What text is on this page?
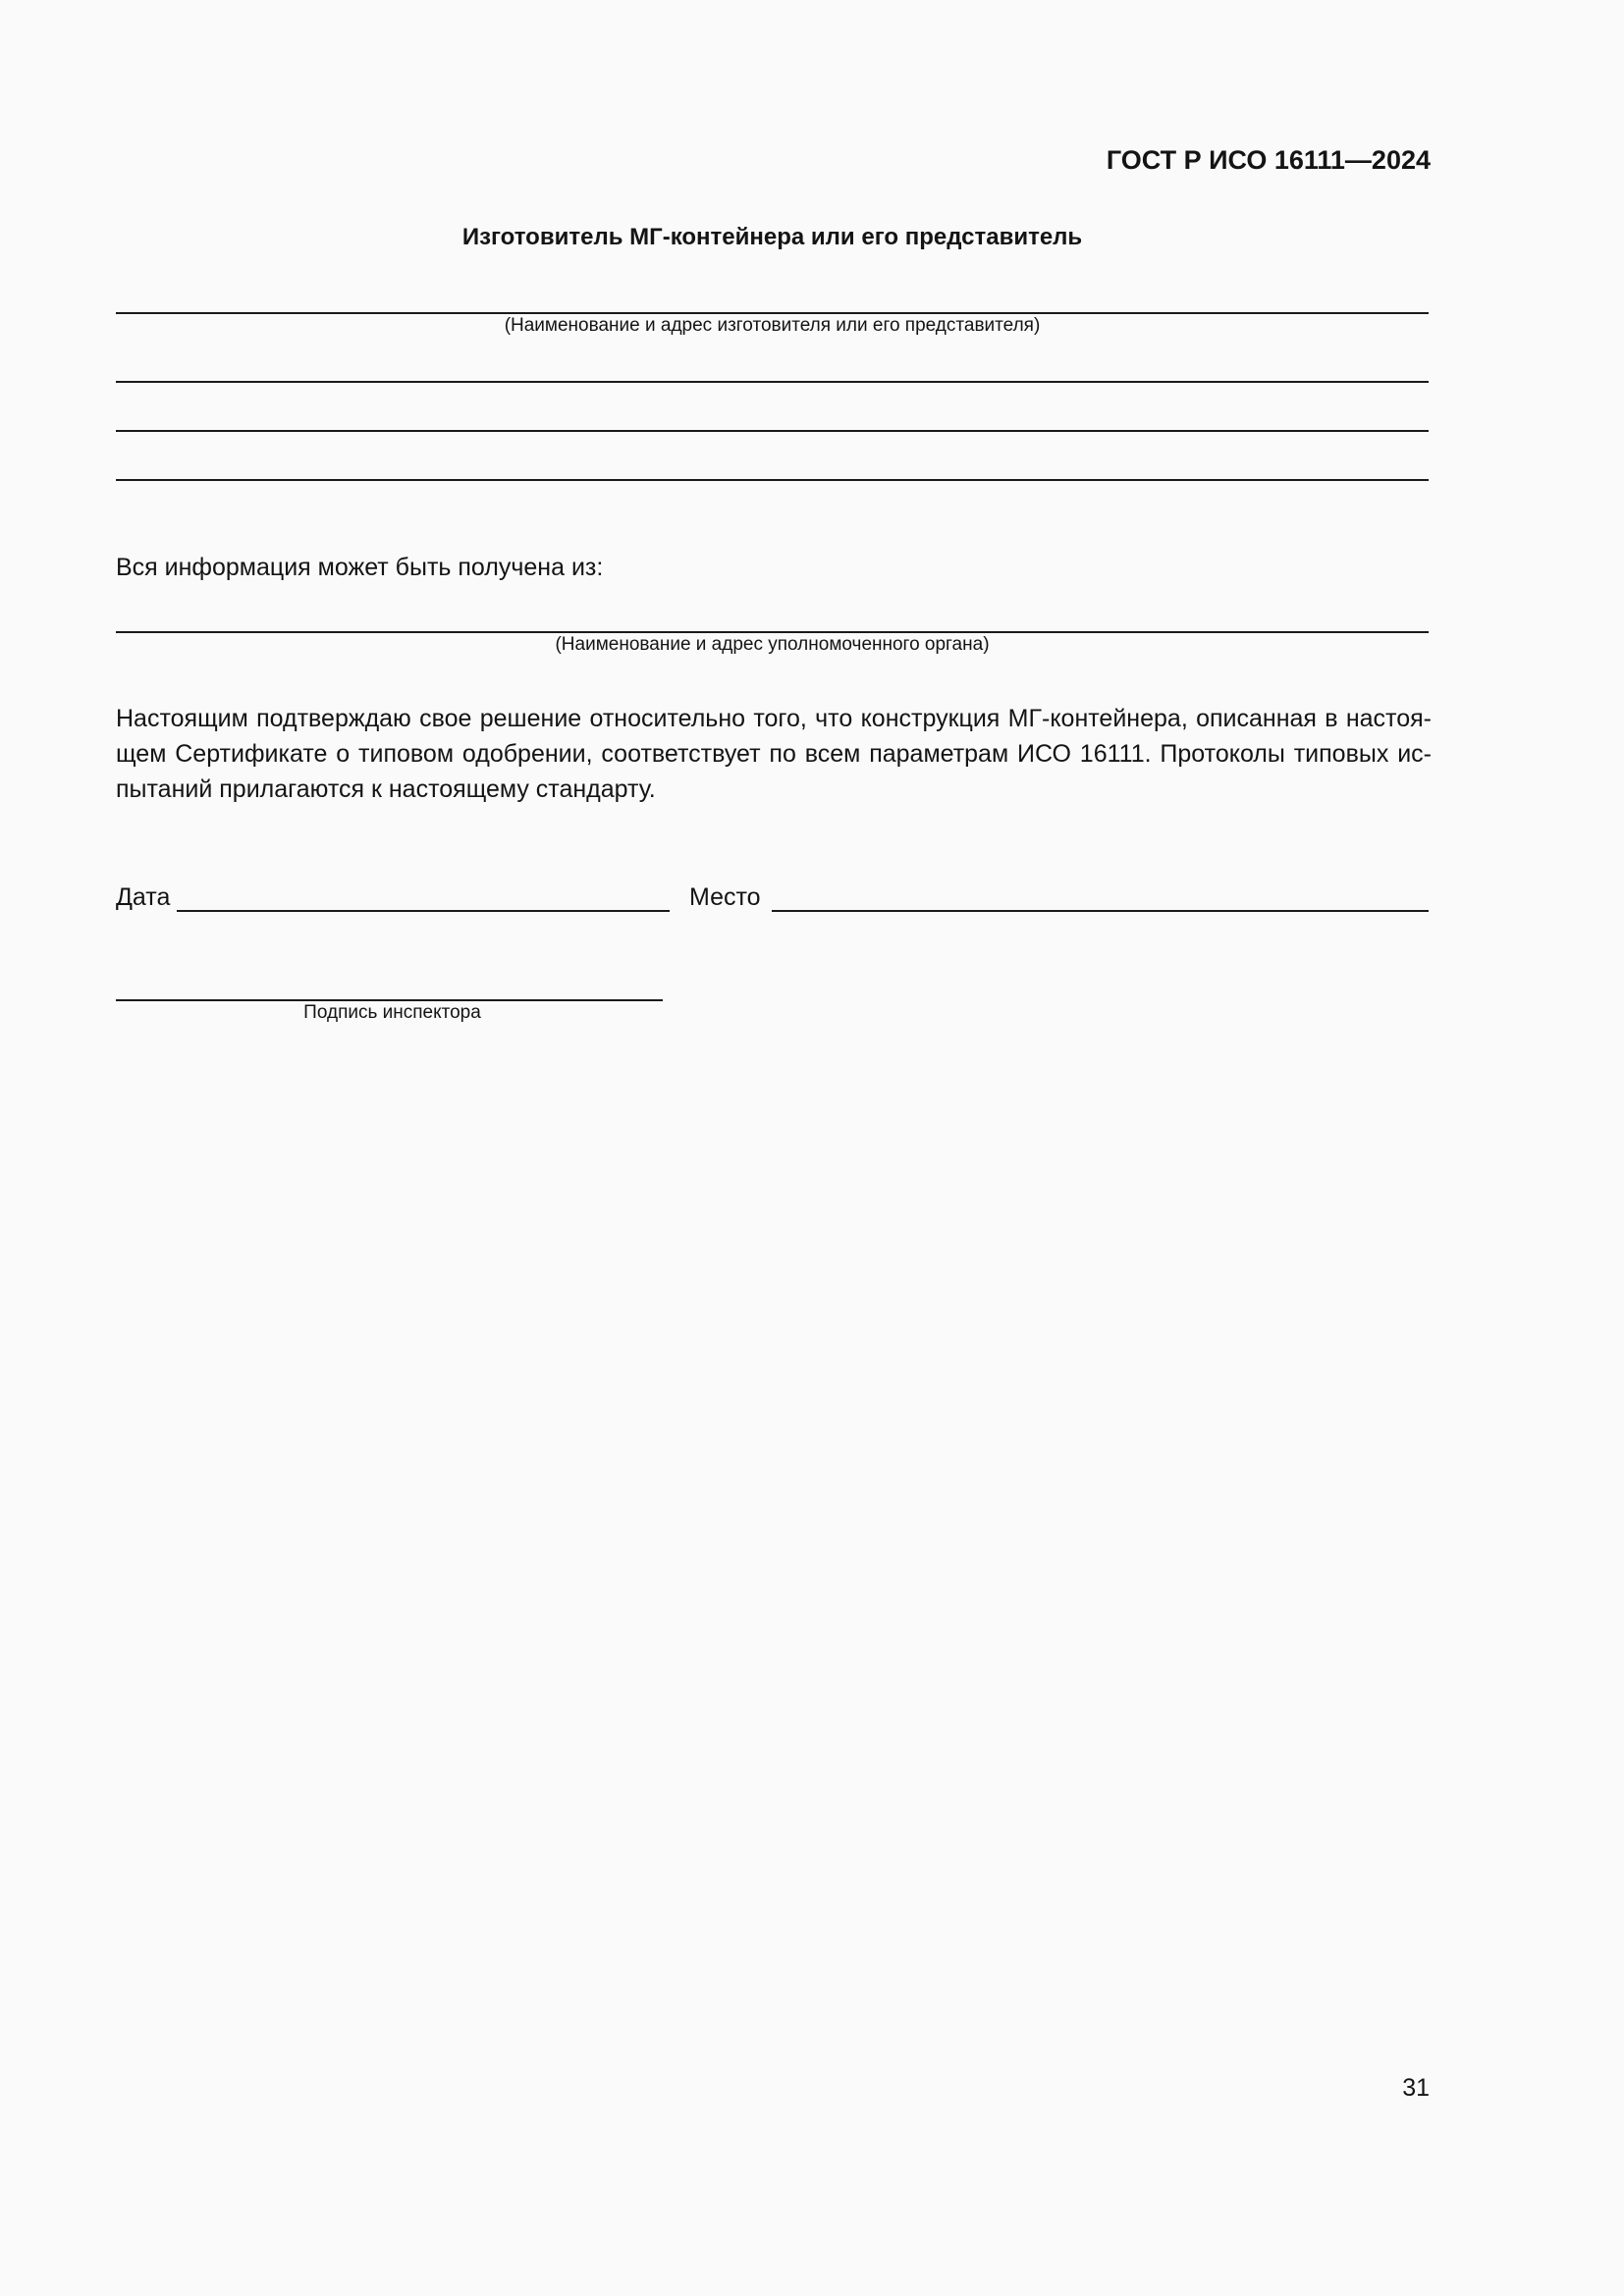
ГОСТ Р ИСО 16111—2024
Изготовитель МГ-контейнера или его представитель
(Наименование и адрес изготовителя или его представителя)
Вся информация может быть получена из:
(Наименование и адрес уполномоченного органа)
Настоящим подтверждаю свое решение относительно того, что конструкция МГ-контейнера, описанная в настоя-
щем Сертификате о типовом одобрении, соответствует по всем параметрам ИСО 16111. Протоколы типовых ис-
пытаний прилагаются к настоящему стандарту.
Дата	Место
Подпись инспектора
31
